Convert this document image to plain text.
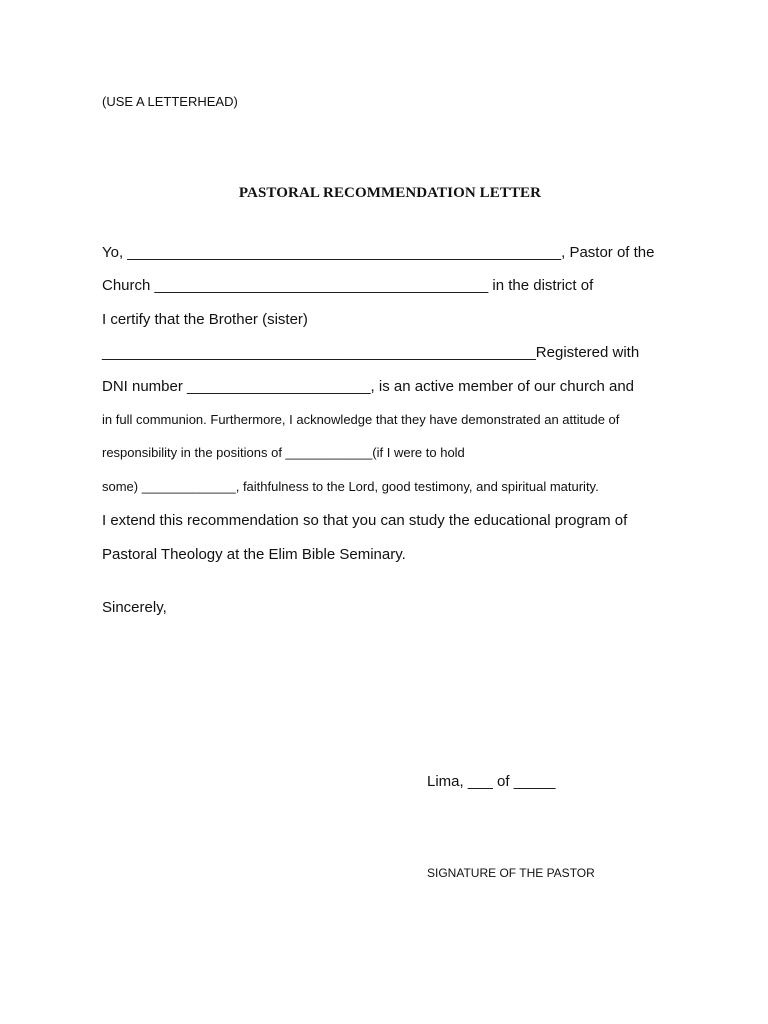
(USE A LETTERHEAD)
PASTORAL RECOMMENDATION LETTER
Yo, ____________________________________________________, Pastor of the
Church ________________________________________ in the district of
I certify that the Brother (sister)
____________________________________________________Registered with
DNI number ______________________, is an active member of our church and
in full communion. Furthermore, I acknowledge that they have demonstrated an attitude of
responsibility in the positions of ____________(if I were to hold
some) _____________, faithfulness to the Lord, good testimony, and spiritual maturity.
I extend this recommendation so that you can study the educational program of
Pastoral Theology at the Elim Bible Seminary.
Sincerely,
Lima, ___ of _____
SIGNATURE OF THE PASTOR
